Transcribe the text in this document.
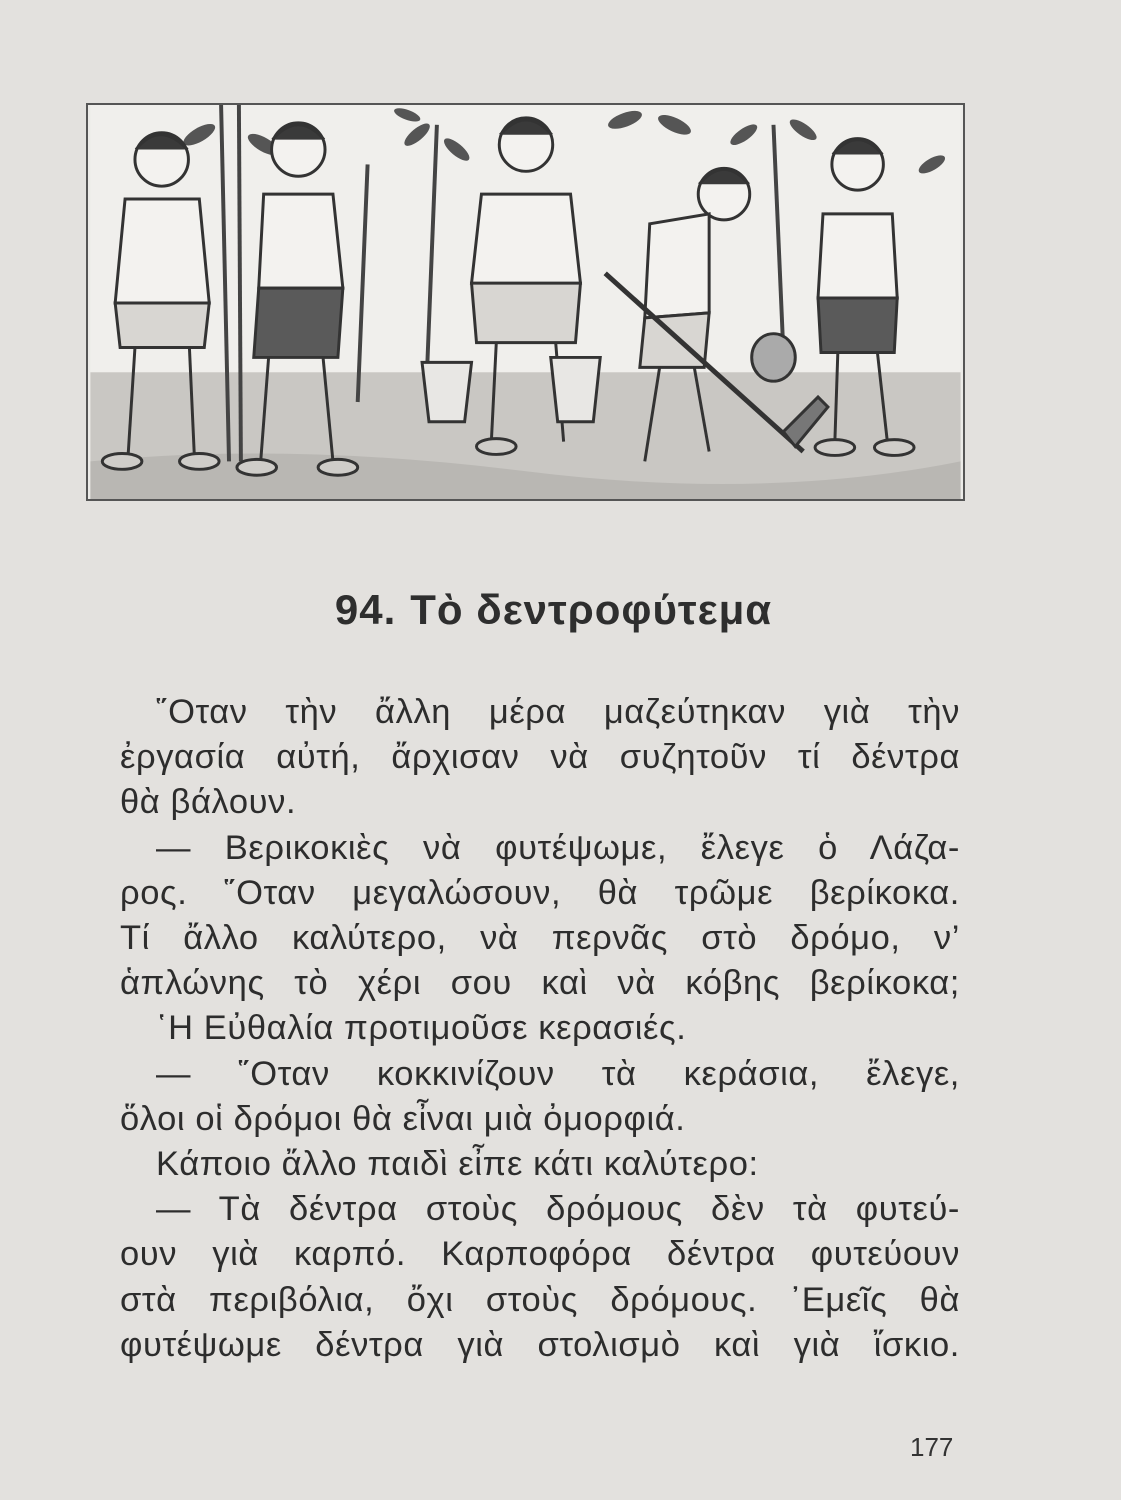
94. Τὸ δεντροφύτεμα
῞Οταν τὴν ἄλλη μέρα μαζεύτηκαν γιὰ τὴν
ἐργασία αὐτή, ἄρχισαν νὰ συζητοῦν τί δέντρα
θὰ βάλουν.
— Βερικοκιὲς νὰ φυτέψωμε, ἔλεγε ὁ Λάζα-
ρος. ῞Οταν μεγαλώσουν, θὰ τρῶμε βερίκοκα.
Τί ἄλλο καλύτερο, νὰ περνᾶς στὸ δρόμο, ν’
ἁπλώνης τὸ χέρι σου καὶ νὰ κόβης βερίκοκα;
῾Η Εὐθαλία προτιμοῦσε κερασιές.
— ῞Οταν κοκκινίζουν τὰ κεράσια, ἔλεγε,
ὅλοι οἱ δρόμοι θὰ εἶναι μιὰ ὀμορφιά.
Κάποιο ἄλλο παιδὶ εἶπε κάτι καλύτερο:
— Τὰ δέντρα στοὺς δρόμους δὲν τὰ φυτεύ-
ουν γιὰ καρπό. Καρποφόρα δέντρα φυτεύουν
στὰ περιβόλια, ὄχι στοὺς δρόμους. ᾿Εμεῖς θὰ
φυτέψωμε δέντρα γιὰ στολισμὸ καὶ γιὰ ἴσκιο.
177
